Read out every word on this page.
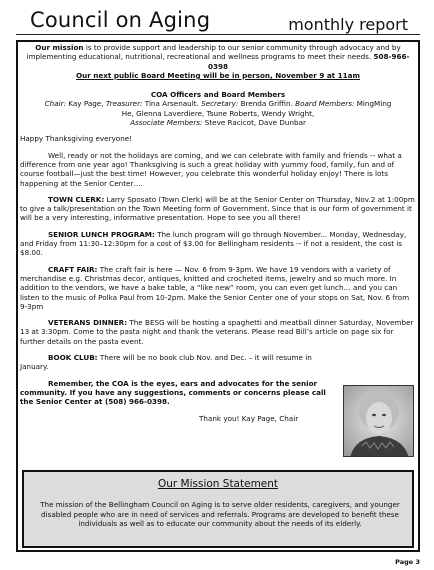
Council on Aging	monthly report

Our mission is to provide support and leadership to our senior community through advocacy and by implementing educational, nutritional, recreational and wellness programs to meet their needs. 508-966-0398
Our next public Board Meeting will be in person, November 9 at 11am

COA Officers and Board Members
Chair: Kay Page, Treasurer: Tina Arsenault. Secretary: Brenda Griffin. Board Members: MingMing
He, Glenna Laverdiere, Tsune Roberts, Wendy Wright,
Associate Members: Steve Racicot, Dave Dunbar

Happy Thanksgiving everyone!

Well, ready or not the holidays are coming, and we can celebrate with family and friends -- what a difference from one year ago! Thanksgiving is such a great holiday with yummy food, family, fun and of course football—just the best time! However, you celebrate this wonderful holiday enjoy! There is lots happening at the Senior Center….

TOWN CLERK: Larry Sposato (Town Clerk) will be at the Senior Center on Thursday, Nov.2 at 1:00pm to give a talk/presentation on the Town Meeting form of Government. Since that is our form of government it will be a very interesting, informative presentation. Hope to see you all there!

SENIOR LUNCH PROGRAM: The lunch program will go through November... Monday, Wednesday, and Friday from 11:30–12:30pm for a cost of $3.00 for Bellingham residents -- if not a resident, the cost is $8.00.

CRAFT FAIR: The craft fair is here — Nov. 6 from 9-3pm. We have 19 vendors with a variety of merchandise e.g. Christmas decor, antiques, knitted and crocheted items, jewelry and so much more. In addition to the vendors, we have a bake table, a “like new” room, you can even get lunch… and you can listen to the music of Polka Paul from 10-2pm. Make the Senior Center one of your stops on Sat, Nov. 6 from 9-3pm

VETERANS DINNER: The BESG will be hosting a spaghetti and meatball dinner Saturday, November 13 at 3:30pm. Come to the pasta night and thank the veterans. Please read Bill’s article on page six for further details on the pasta event.

BOOK CLUB: There will be no book club Nov. and Dec. – it will resume in January.

Remember, the COA is the eyes, ears and advocates for the senior community. If you have any suggestions, comments or concerns please call the Senior Center at (508) 966-0398.

Thank you! Kay Page, Chair

Our Mission Statement
The mission of the Bellingham Council on Aging is to serve older residents, caregivers, and younger disabled people who are in need of services and referrals. Programs are developed to benefit these individuals as well as to educate our community about the needs of its elderly.
Page 3
